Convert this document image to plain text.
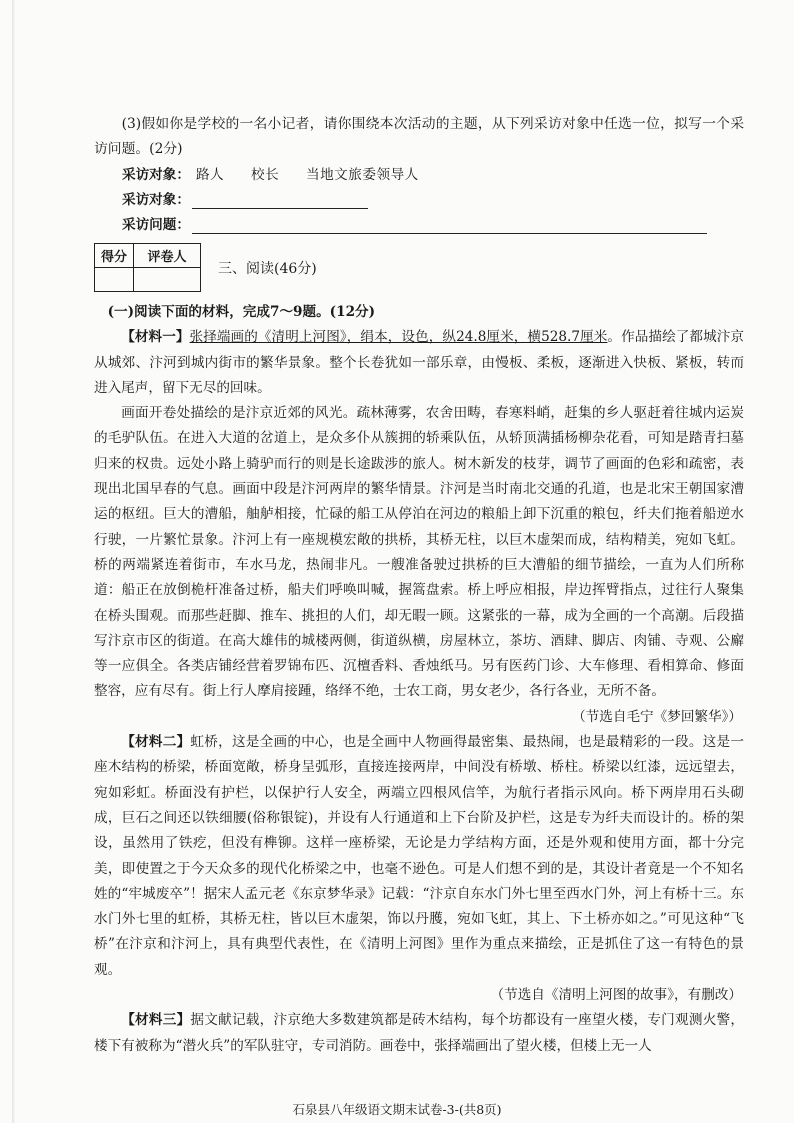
(3)假如你是学校的一名小记者，请你围绕本次活动的主题，从下列采访对象中任选一位，拟写一个采访问题。(2分)

采访对象： 路人 校长 当地文旅委领导人
采访对象：
采访问题：
得分	评卷人

三、阅读(46分)

(一)阅读下面的材料，完成7～9题。(12分)

【材料一】张择端画的《清明上河图》，绢本，设色，纵24.8厘米，横528.7厘米。作品描绘了都城汴京从城郊、汴河到城内街市的繁华景象。整个长卷犹如一部乐章，由慢板、柔板，逐渐进入快板、紧板，转而进入尾声，留下无尽的回味。

画面开卷处描绘的是汴京近郊的风光。疏林薄雾，农舍田畴，春寒料峭，赶集的乡人驱赶着往城内运炭的毛驴队伍。在进入大道的岔道上，是众多仆从簇拥的轿乘队伍，从轿顶满插杨柳杂花看，可知是踏青扫墓归来的权贵。远处小路上骑驴而行的则是长途跋涉的旅人。树木新发的枝芽，调节了画面的色彩和疏密，表现出北国早春的气息。画面中段是汴河两岸的繁华情景。汴河是当时南北交通的孔道，也是北宋王朝国家漕运的枢纽。巨大的漕船，舳舻相接，忙碌的船工从停泊在河边的粮船上卸下沉重的粮包，纤夫们拖着船逆水行驶，一片繁忙景象。汴河上有一座规模宏敞的拱桥，其桥无柱，以巨木虚架而成，结构精美，宛如飞虹。桥的两端紧连着街市，车水马龙，热闹非凡。一艘准备驶过拱桥的巨大漕船的细节描绘，一直为人们所称道：船正在放倒桅杆准备过桥，船夫们呼唤叫喊，握篙盘索。桥上呼应相报，岸边挥臂指点，过往行人聚集在桥头围观。而那些赶脚、推车、挑担的人们，却无暇一顾。这紧张的一幕，成为全画的一个高潮。后段描写汴京市区的街道。在高大雄伟的城楼两侧，街道纵横，房屋林立，茶坊、酒肆、脚店、肉铺、寺观、公廨等一应俱全。各类店铺经营着罗锦布匹、沉檀香料、香烛纸马。另有医药门诊、大车修理、看相算命、修面整容，应有尽有。街上行人摩肩接踵，络绎不绝，士农工商，男女老少，各行各业，无所不备。

（节选自毛宁《梦回繁华》）

【材料二】虹桥，这是全画的中心，也是全画中人物画得最密集、最热闹，也是最精彩的一段。这是一座木结构的桥梁，桥面宽敞，桥身呈弧形，直接连接两岸，中间没有桥墩、桥柱。桥梁以红漆，远远望去，宛如彩虹。桥面没有护栏，以保护行人安全，两端立四根风信竿，为航行者指示风向。桥下两岸用石头砌成，巨石之间还以铁细腰(俗称银锭)，并设有人行通道和上下台阶及护栏，这是专为纤夫而设计的。桥的架设，虽然用了铁疙，但没有榫铆。这样一座桥梁，无论是力学结构方面，还是外观和使用方面，都十分完美，即使置之于今天众多的现代化桥梁之中，也毫不逊色。可是人们想不到的是，其设计者竟是一个不知名姓的“牢城废卒”！据宋人孟元老《东京梦华录》记载：“汴京自东水门外七里至西水门外，河上有桥十三。东水门外七里的虹桥，其桥无柱，皆以巨木虚架，饰以丹臒，宛如飞虹，其上、下土桥亦如之。”可见这种“飞桥”在汴京和汴河上，具有典型代表性，在《清明上河图》里作为重点来描绘，正是抓住了这一有特色的景观。

（节选自《清明上河图的故事》，有删改）

【材料三】据文献记载，汴京绝大多数建筑都是砖木结构，每个坊都设有一座望火楼，专门观测火警，楼下有被称为“潜火兵”的军队驻守，专司消防。画卷中，张择端画出了望火楼，但楼上无一人

石泉县八年级语文期末试卷-3-(共8页)
